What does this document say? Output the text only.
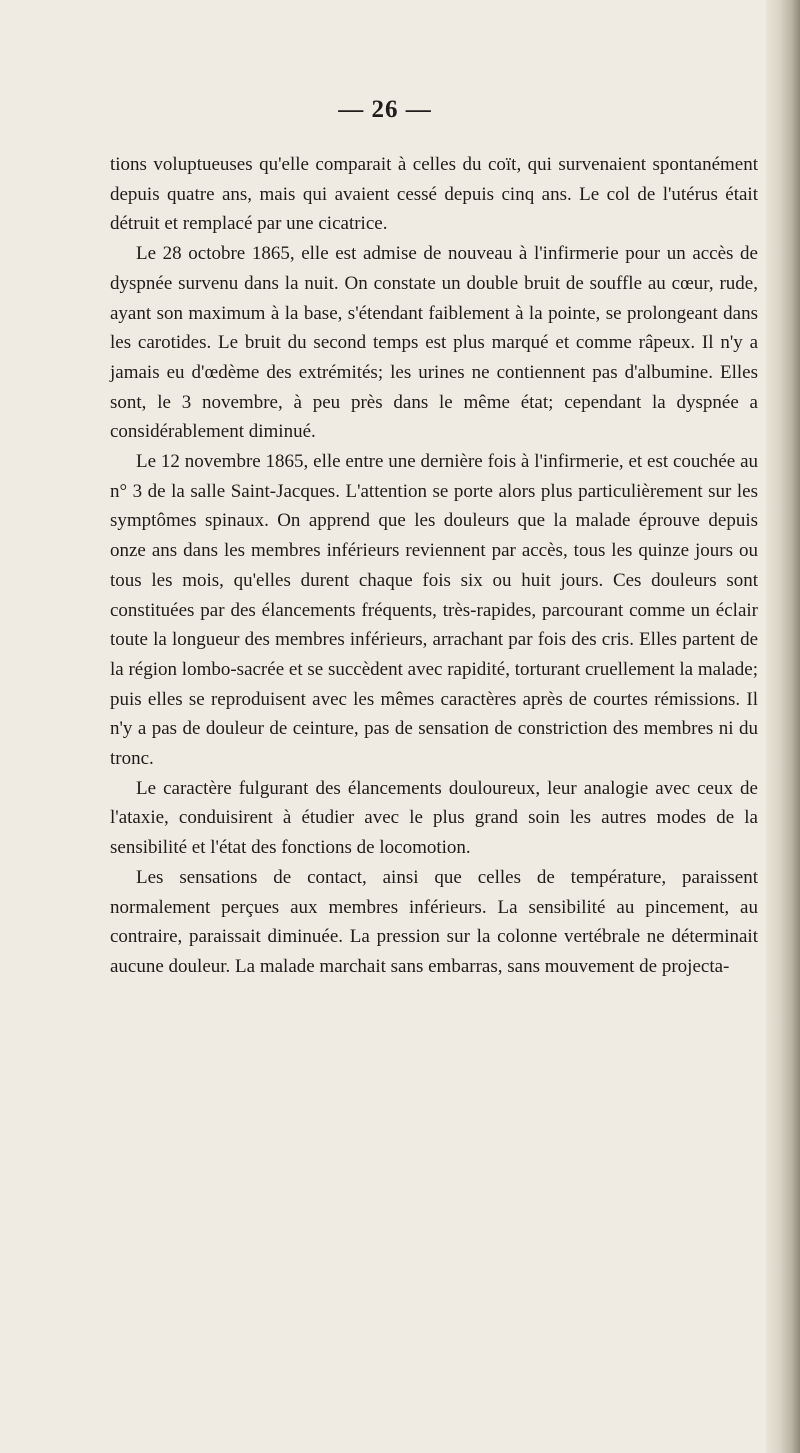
— 26 —

tions voluptueuses qu'elle comparait à celles du coït, qui survenaient spontanément depuis quatre ans, mais qui avaient cessé depuis cinq ans. Le col de l'utérus était détruit et remplacé par une cicatrice.

Le 28 octobre 1865, elle est admise de nouveau à l'infirmerie pour un accès de dyspnée survenu dans la nuit. On constate un double bruit de souffle au cœur, rude, ayant son maximum à la base, s'étendant faiblement à la pointe, se prolongeant dans les carotides. Le bruit du second temps est plus marqué et comme râpeux. Il n'y a jamais eu d'œdème des extrémités; les urines ne contiennent pas d'albumine. Elles sont, le 3 novembre, à peu près dans le même état; cependant la dyspnée a considérablement diminué.

Le 12 novembre 1865, elle entre une dernière fois à l'infirmerie, et est couchée au n° 3 de la salle Saint-Jacques. L'attention se porte alors plus particulièrement sur les symptômes spinaux. On apprend que les douleurs que la malade éprouve depuis onze ans dans les membres inférieurs reviennent par accès, tous les quinze jours ou tous les mois, qu'elles durent chaque fois six ou huit jours. Ces douleurs sont constituées par des élancements fréquents, très-rapides, parcourant comme un éclair toute la longueur des membres inférieurs, arrachant par fois des cris. Elles partent de la région lombo-sacrée et se succèdent avec rapidité, torturant cruellement la malade; puis elles se reproduisent avec les mêmes caractères après de courtes rémissions. Il n'y a pas de douleur de ceinture, pas de sensation de constriction des membres ni du tronc.

Le caractère fulgurant des élancements douloureux, leur analogie avec ceux de l'ataxie, conduisirent à étudier avec le plus grand soin les autres modes de la sensibilité et l'état des fonctions de locomotion.

Les sensations de contact, ainsi que celles de température, paraissent normalement perçues aux membres inférieurs. La sensibilité au pincement, au contraire, paraissait diminuée. La pression sur la colonne vertébrale ne déterminait aucune douleur. La malade marchait sans embarras, sans mouvement de projecta-
